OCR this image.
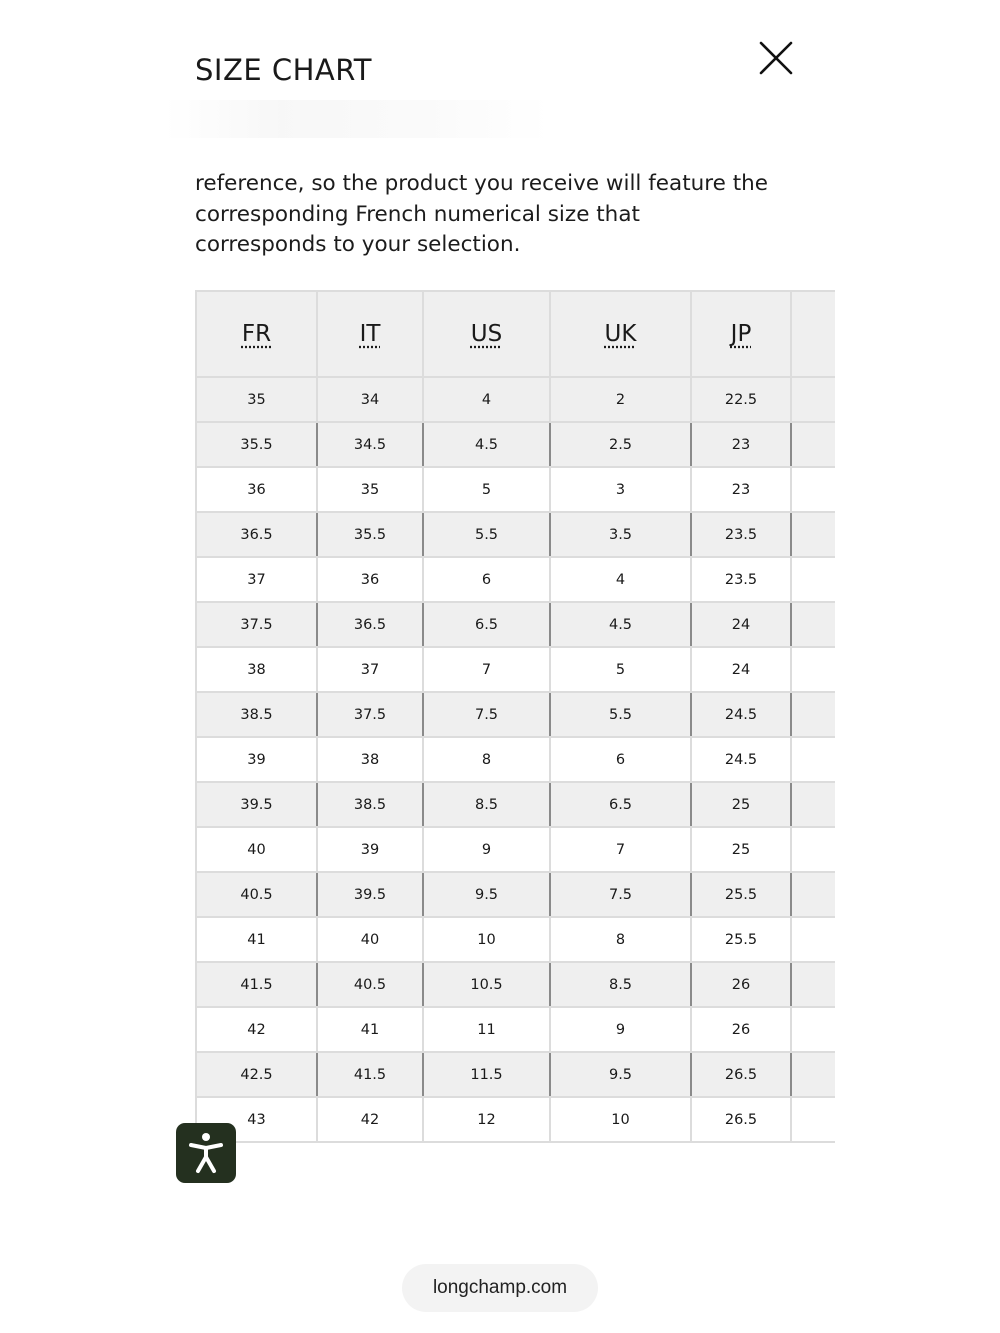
SIZE CHART

reference, so the product you receive will feature the corresponding French numerical size that corresponds to your selection.

FR	IT	US	UK	JP	
35	34	4	2	22.5	
35.5	34.5	4.5	2.5	23	
36	35	5	3	23	
36.5	35.5	5.5	3.5	23.5	
37	36	6	4	23.5	
37.5	36.5	6.5	4.5	24	
38	37	7	5	24	
38.5	37.5	7.5	5.5	24.5	
39	38	8	6	24.5	
39.5	38.5	8.5	6.5	25	
40	39	9	7	25	
40.5	39.5	9.5	7.5	25.5	
41	40	10	8	25.5	
41.5	40.5	10.5	8.5	26	
42	41	11	9	26	
42.5	41.5	11.5	9.5	26.5	
43	42	12	10	26.5	
longchamp.com
